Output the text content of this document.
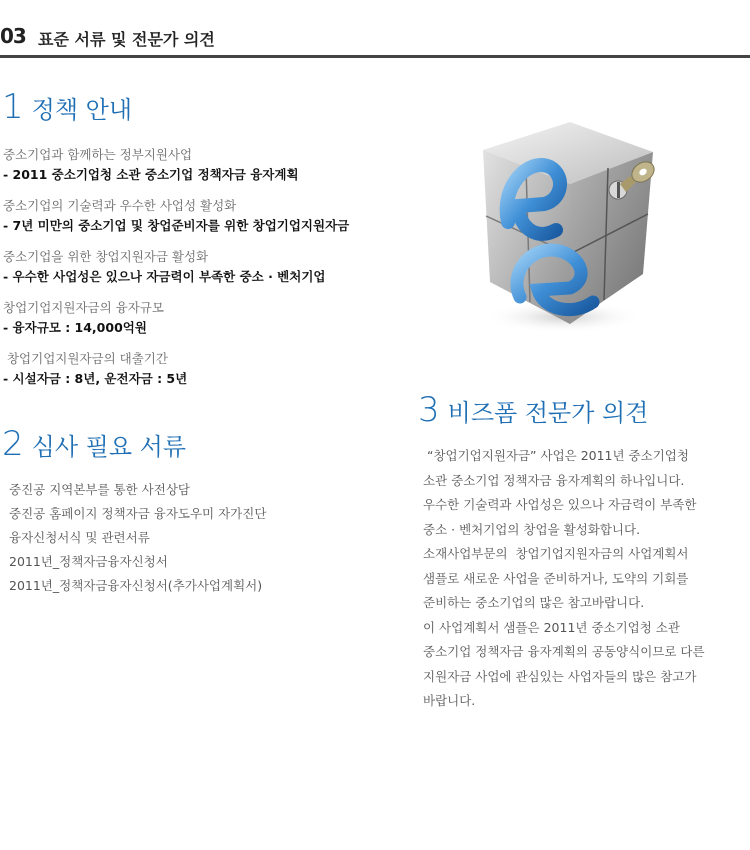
03 표준 서류 및 전문가 의견
1 정책 안내
중소기업과 함께하는 정부지원사업
- 2011 중소기업청 소관 중소기업 정책자금 융자계획
중소기업의 기술력과 우수한 사업성 활성화
- 7년 미만의 중소기업 및 창업준비자를 위한 창업기업지원자금
중소기업을 위한 창업지원자금 활성화
- 우수한 사업성은 있으나 자금력이 부족한 중소 · 벤처기업
창업기업지원자금의 융자규모
- 융자규모 : 14,000억원
창업기업지원자금의 대출기간
- 시설자금 : 8년, 운전자금 : 5년
2 심사 필요 서류
중진공 지역본부를 통한 사전상담
중진공 홈페이지 정책자금 융자도우미 자가진단
융자신청서식 및 관련서류
2011년_정책자금융자신청서
2011년_정책자금융자신청서(추가사업계획서)
3 비즈폼 전문가 의견
“창업기업지원자금” 사업은 2011년 중소기업청
소관 중소기업 정책자금 융자계획의 하나입니다.
우수한 기술력과 사업성은 있으나 자금력이 부족한
중소 · 벤처기업의 창업을 활성화합니다.
소재사업부문의  창업기업지원자금의 사업계획서
샘플로 새로운 사업을 준비하거나, 도약의 기회를
준비하는 중소기업의 많은 참고바랍니다.
이 사업계획서 샘플은 2011년 중소기업청 소관
중소기업 정책자금 융자계획의 공동양식이므로 다른
지원자금 사업에 관심있는 사업자들의 많은 참고가
바랍니다.
